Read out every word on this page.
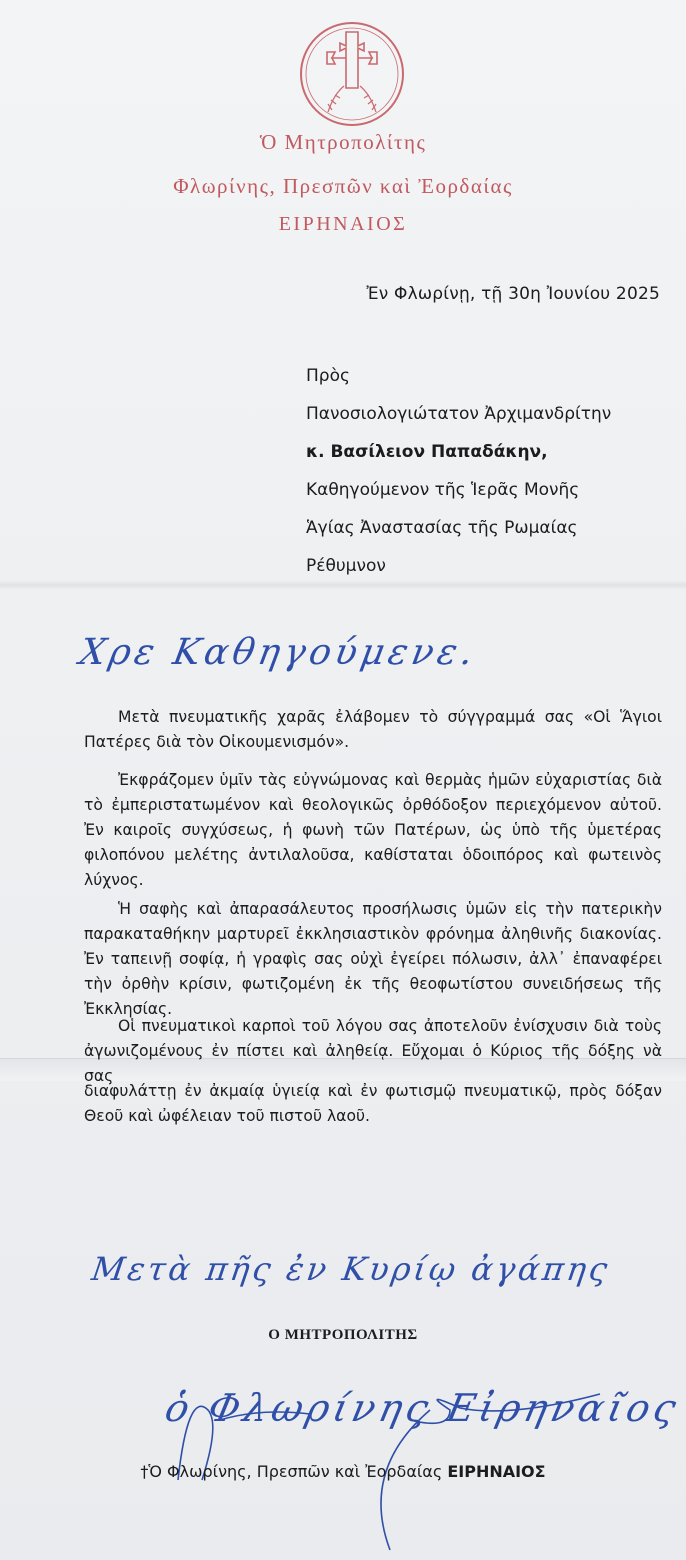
Ὁ Μητροπολίτης
Φλωρίνης, Πρεσπῶν καὶ Ἐορδαίας
ΕΙΡΗΝΑΙΟΣ
Ἐν Φλωρίνῃ, τῇ 30η Ἰουνίου 2025
Πρὸς
Πανοσιολογιώτατον Ἀρχιμανδρίτην
κ. Βασίλειον Παπαδάκην,
Καθηγούμενον τῆς Ἱερᾶς Μονῆς
Ἁγίας Ἀναστασίας τῆς Ρωμαίας
Ρέθυμνον
Χρε Καθηγούμενε.

Μετὰ πνευματικῆς χαρᾶς ἐλάβομεν τὸ σύγγραμμά σας «Οἱ Ἅγιοι Πατέρες διὰ τὸν Οἰκουμενισμόν».

Ἐκφράζομεν ὑμῖν τὰς εὐγνώμονας καὶ θερμὰς ἡμῶν εὐχαριστίας διὰ τὸ ἐμπεριστατωμένον καὶ θεολογικῶς ὀρθόδοξον περιεχόμενον αὐτοῦ. Ἐν καιροῖς συγχύσεως, ἡ φωνὴ τῶν Πατέρων, ὡς ὑπὸ τῆς ὑμετέρας φιλοπόνου μελέτης ἀντιλαλοῦσα, καθίσταται ὁδοιπόρος καὶ φωτεινὸς λύχνος.

Ἡ σαφὴς καὶ ἀπαρασάλευτος προσήλωσις ὑμῶν εἰς τὴν πατερικὴν παρακαταθήκην μαρτυρεῖ ἐκκλησιαστικὸν φρόνημα ἀληθινῆς διακονίας. Ἐν ταπεινῇ σοφίᾳ, ἡ γραφὶς σας οὐχὶ ἐγείρει πόλωσιν, ἀλλ᾽ ἐπαναφέρει τὴν ὀρθὴν κρίσιν, φωτιζομένη ἐκ τῆς θεοφωτίστου συνειδήσεως τῆς Ἐκκλησίας.

Οἱ πνευματικοὶ καρποὶ τοῦ λόγου σας ἀποτελοῦν ἐνίσχυσιν διὰ τοὺς ἀγωνιζομένους ἐν πίστει καὶ ἀληθείᾳ. Εὔχομαι ὁ Κύριος τῆς δόξης νὰ σας

διαφυλάττῃ ἐν ἀκμαίᾳ ὑγιείᾳ καὶ ἐν φωτισμῷ πνευματικῷ, πρὸς δόξαν Θεοῦ καὶ ὠφέλειαν τοῦ πιστοῦ λαοῦ.

Μετὰ πῆς ἐν Κυρίῳ ἀγάπης
Ο ΜΗΤΡΟΠΟΛΙΤΗΣ
ὁ Φλωρίνης Εἰρηναῖος
†Ὁ Φλωρίνης, Πρεσπῶν καὶ Ἐορδαίας ΕΙΡΗΝΑΙΟΣ
